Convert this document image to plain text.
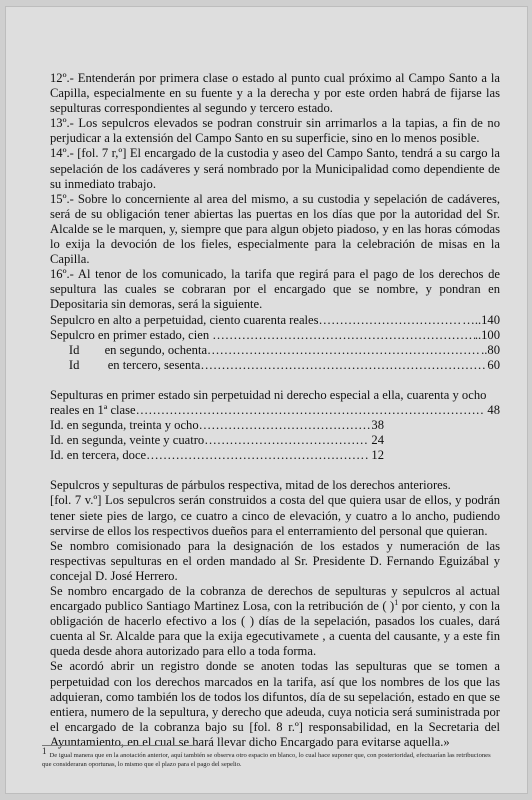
12º.- Entenderán por primera clase o estado al punto cual próximo al Campo Santo a la Capilla, especialmente en su fuente y a la derecha y por este orden habrá de fijarse las sepulturas correspondientes al segundo y tercero estado.

13º.- Los sepulcros elevados se podran construir sin arrimarlos a la tapias, a fin de no perjudicar a la extensión del Campo Santo en su superficie, sino en lo menos posible.

14º.- [fol. 7 r,º] El encargado de la custodia y aseo del Campo Santo, tendrá a su cargo la sepelación de los cadáveres y será nombrado por la Municipalidad como dependiente de su inmediato trabajo.

15º.- Sobre lo concerniente al area del mismo, a su custodia y sepelación de cadáveres, será de su obligación tener abiertas las puertas en los días que por la autoridad del Sr. Alcalde se le marquen, y, siempre que para algun objeto piadoso, y en las horas cómodas lo exija la devoción de los fieles, especialmente para la celebración de misas en la Capilla.

16º.- Al tenor de los comunicado, la tarifa que regirá para el pago de los derechos de sepultura las cuales se cobraran por el encargado que se nombre, y pondran en Depositaria sin demoras, será la siguiente.

Sepulcro en alto a perpetuidad, ciento cuarenta reales ………………………………………………………………………………………………………………………………………………………………	…..140
Sepulcro en primer estado, cien ………………………………………………………………………………………………………………………………………………………………	..100
Id        en segundo, ochenta ………………………………………………………………………………………………………………………………………………………………	..80
Id         en tercero, sesenta ………………………………………………………………………………………………………………………………………………………………	60

Sepulturas en primer estado sin perpetuidad ni derecho especial a ella, cuarenta y ocho

reales en 1ª clase ………………………………………………………………………………………………………………………………………………………………	48
Id. en segunda, treinta y ocho ………………………………………………………………………………………………………………………………………………………………	38
Id. en segunda, veinte y cuatro ………………………………………………………………………………………………………………………………………………………………	24
Id. en tercera, doce ………………………………………………………………………………………………………………………………………………………………	. 12

Sepulcros y sepulturas de párbulos respectiva, mitad de los derechos anteriores.

[fol. 7 v.º] Los sepulcros serán construidos a costa del que quiera usar de ellos, y podrán tener siete pies de largo, ce cuatro a cinco de elevación, y cuatro a lo ancho, pudiendo servirse de ellos los respectivos dueños para el enterramiento del personal que quieran.

Se nombro comisionado para la designación de los estados y numeración de las respectivas sepulturas en el orden mandado al Sr. Presidente D. Fernando Eguizábal y concejal D. José Herrero.

Se nombro encargado de la cobranza de derechos de sepulturas y sepulcros al actual encargado publico Santiago Martinez Losa, con la retribución de ( )$^1$ por ciento, y con la obligación de hacerlo efectivo a los ( ) días de la sepelación, pasados los cuales, dará cuenta al Sr. Alcalde para que la exija egecutivamete , a cuenta del causante, y a este fin queda desde ahora autorizado para ello a toda forma.

Se acordó abrir un registro donde se anoten todas las sepulturas que se tomen a perpetuidad con los derechos marcados en la tarifa, así que los nombres de los que las adquieran, como también los de todos los difuntos, día de su sepelación, estado en que se entiera, numero de la sepultura, y derecho que adeuda, cuya noticia será suministrada por el encargado de la cobranza bajo su [fol. 8 r.º] responsabilidad, en la Secretaria del Ayuntamiento, en el cual se hará llevar dicho Encargado para evitarse aquella.»

$^1$ De igual manera que en la anotación anterior, aquí también se observa otro espacio en blanco, lo cual hace suponer que, con posterioridad, efectuarían las retribuciones que consideraran oportunas, lo mismo que el plazo para el pago del sepelio.
